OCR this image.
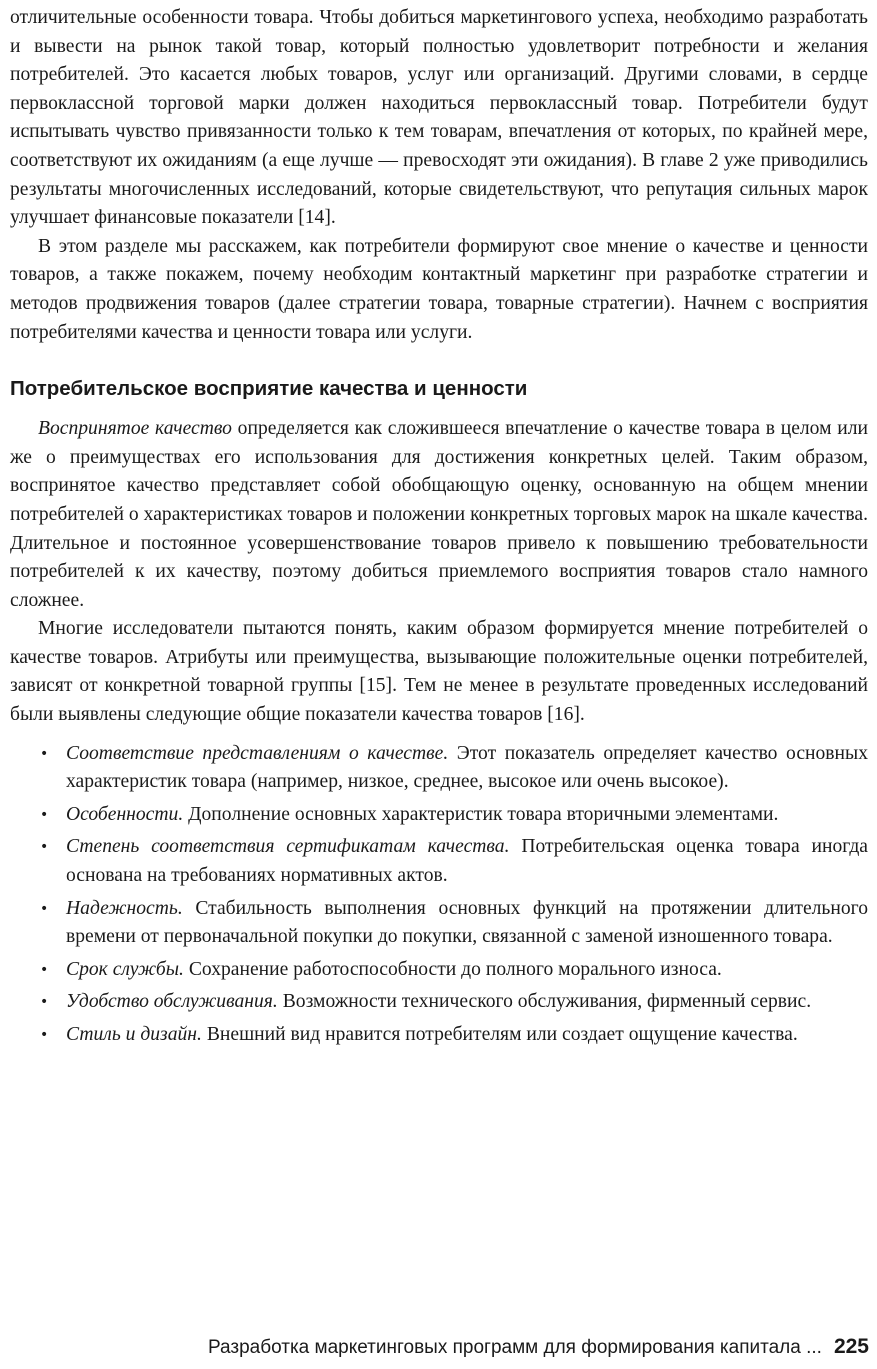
отличительные особенности товара. Чтобы добиться маркетингового успеха, необходимо разработать и вывести на рынок такой товар, который полностью удовлетворит потребности и желания потребителей. Это касается любых товаров, услуг или организаций. Другими словами, в сердце первоклассной торговой марки должен находиться первоклассный товар. Потребители будут испытывать чувство привязанности только к тем товарам, впечатления от которых, по крайней мере, соответствуют их ожиданиям (а еще лучше — превосходят эти ожидания). В главе 2 уже приводились результаты многочисленных исследований, которые свидетельствуют, что репутация сильных марок улучшает финансовые показатели [14].

В этом разделе мы расскажем, как потребители формируют свое мнение о качестве и ценности товаров, а также покажем, почему необходим контактный маркетинг при разработке стратегии и методов продвижения товаров (далее стратегии товара, товарные стратегии). Начнем с восприятия потребителями качества и ценности товара или услуги.

Потребительское восприятие качества и ценности

Воспринятое качество определяется как сложившееся впечатление о качестве товара в целом или же о преимуществах его использования для достижения конкретных целей. Таким образом, воспринятое качество представляет собой обобщающую оценку, основанную на общем мнении потребителей о характеристиках товаров и положении конкретных торговых марок на шкале качества. Длительное и постоянное усовершенствование товаров привело к повышению требовательности потребителей к их качеству, поэтому добиться приемлемого восприятия товаров стало намного сложнее.

Многие исследователи пытаются понять, каким образом формируется мнение потребителей о качестве товаров. Атрибуты или преимущества, вызывающие положительные оценки потребителей, зависят от конкретной товарной группы [15]. Тем не менее в результате проведенных исследований были выявлены следующие общие показатели качества товаров [16].

• Соответствие представлениям о качестве. Этот показатель определяет качество основных характеристик товара (например, низкое, среднее, высокое или очень высокое).
• Особенности. Дополнение основных характеристик товара вторичными элементами.
• Степень соответствия сертификатам качества. Потребительская оценка товара иногда основана на требованиях нормативных актов.
• Надежность. Стабильность выполнения основных функций на протяжении длительного времени от первоначальной покупки до покупки, связанной с заменой изношенного товара.
• Срок службы. Сохранение работоспособности до полного морального износа.
• Удобство обслуживания. Возможности технического обслуживания, фирменный сервис.
• Стиль и дизайн. Внешний вид нравится потребителям или создает ощущение качества.
Разработка маркетинговых программ для формирования капитала ... 225
